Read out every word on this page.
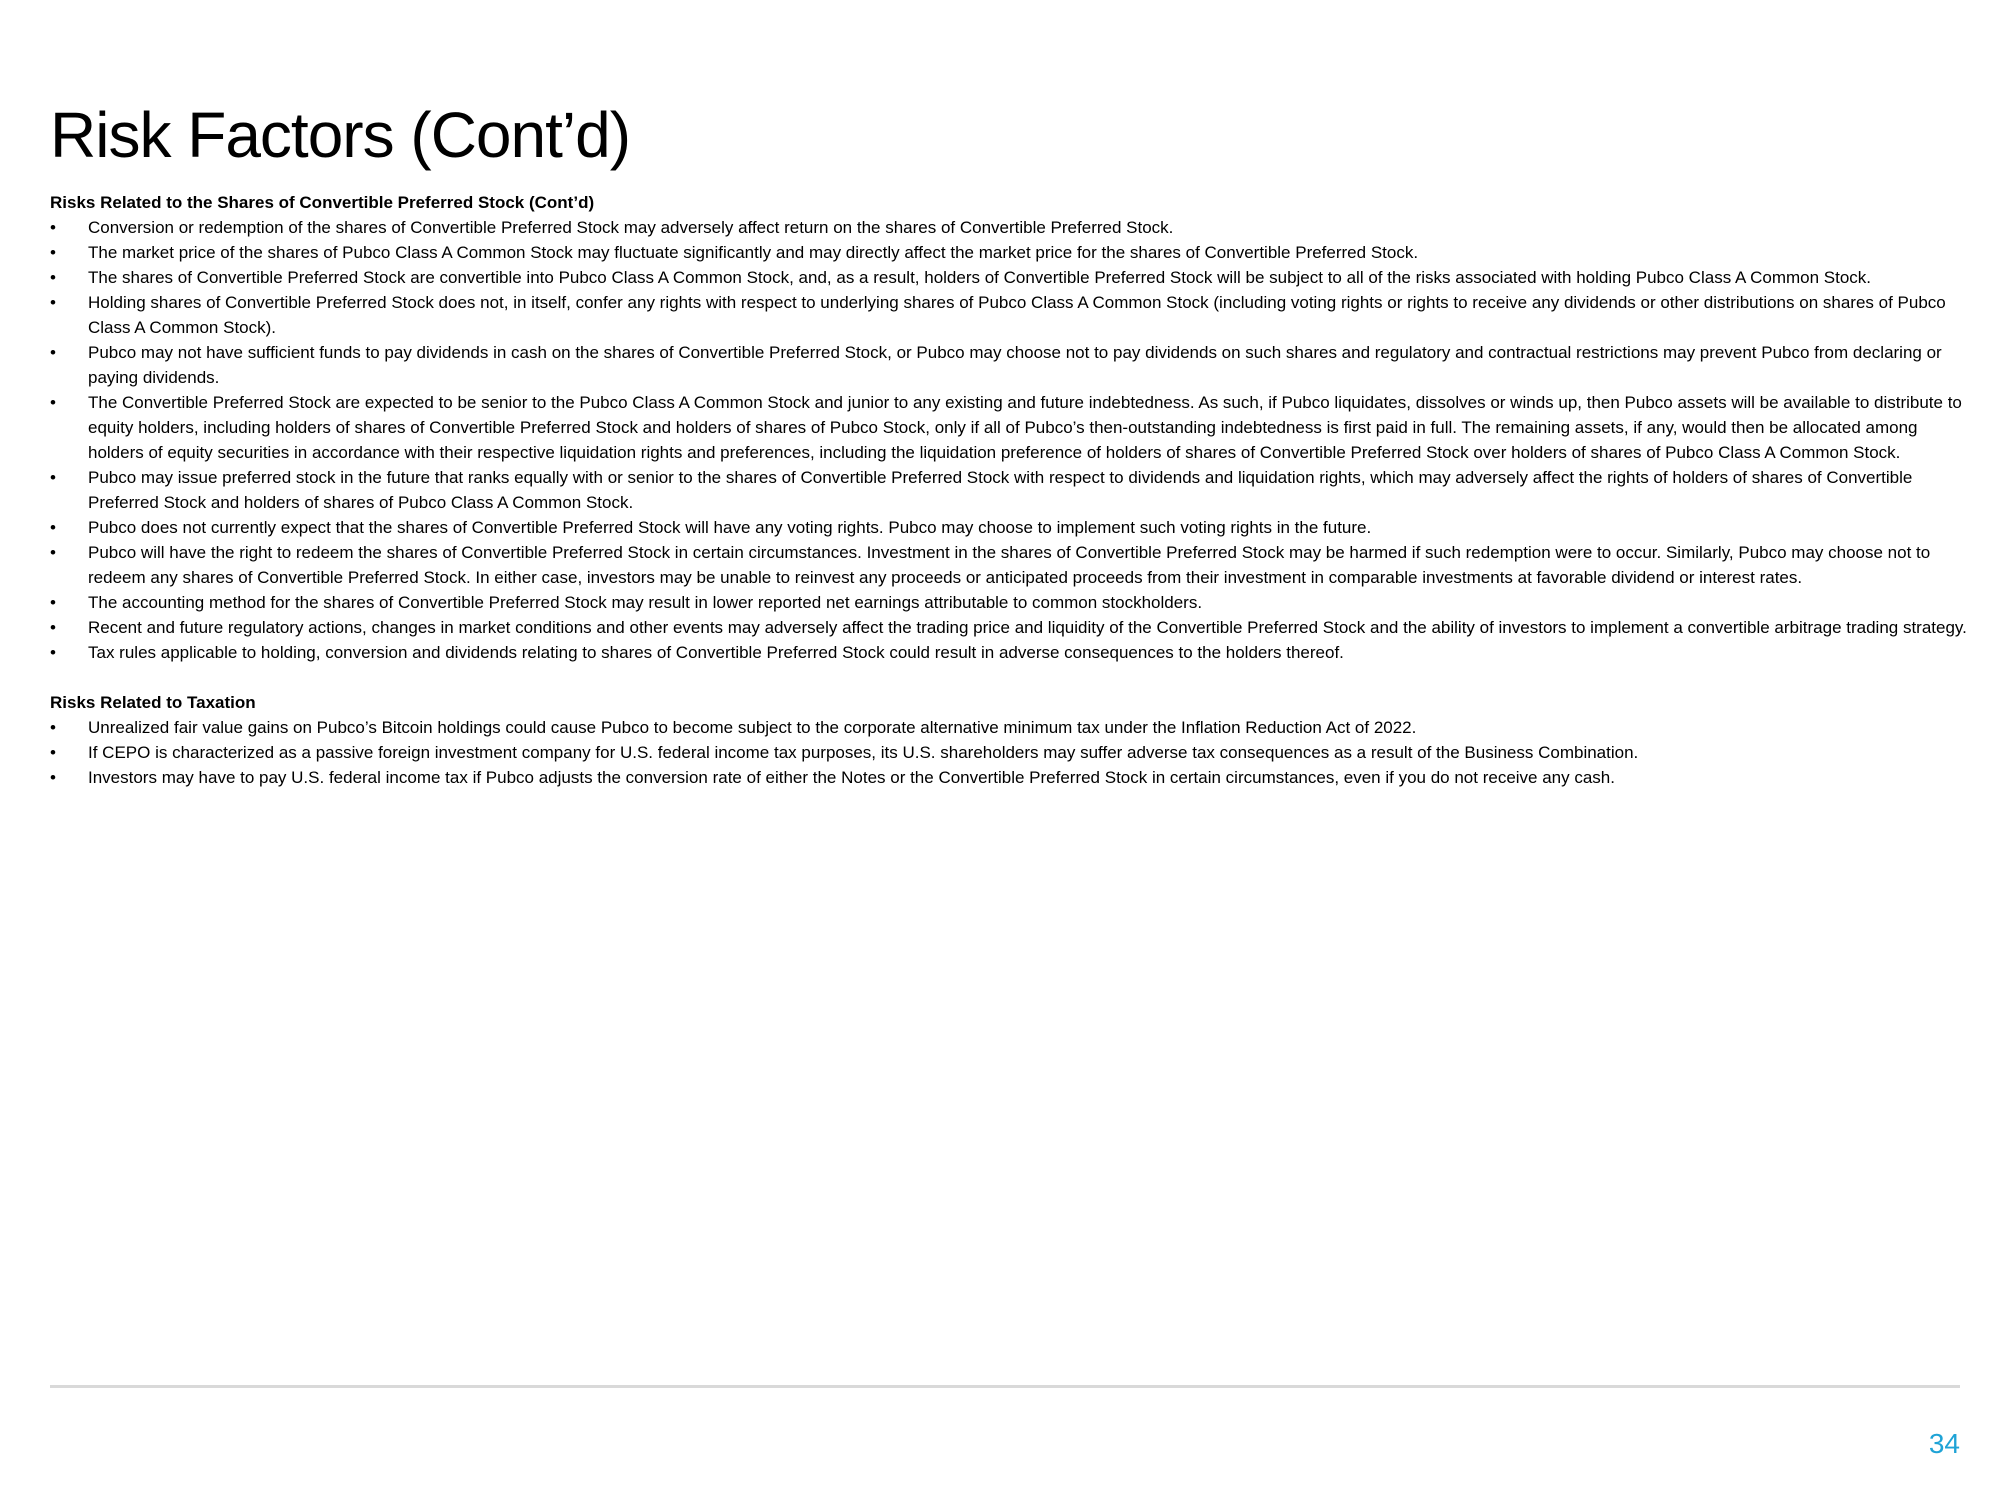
Risk Factors (Cont’d)
Risks Related to the Shares of Convertible Preferred Stock (Cont’d)
• Conversion or redemption of the shares of Convertible Preferred Stock may adversely affect return on the shares of Convertible Preferred Stock.
• The market price of the shares of Pubco Class A Common Stock may fluctuate significantly and may directly affect the market price for the shares of Convertible Preferred Stock.
• The shares of Convertible Preferred Stock are convertible into Pubco Class A Common Stock, and, as a result, holders of Convertible Preferred Stock will be subject to all of the risks associated with holding Pubco Class A Common Stock.
• Holding shares of Convertible Preferred Stock does not, in itself, confer any rights with respect to underlying shares of Pubco Class A Common Stock (including voting rights or rights to receive any dividends or other distributions on shares of Pubco Class A Common Stock).
• Pubco may not have sufficient funds to pay dividends in cash on the shares of Convertible Preferred Stock, or Pubco may choose not to pay dividends on such shares and regulatory and contractual restrictions may prevent Pubco from declaring or paying dividends.
• The Convertible Preferred Stock are expected to be senior to the Pubco Class A Common Stock and junior to any existing and future indebtedness. As such, if Pubco liquidates, dissolves or winds up, then Pubco assets will be available to distribute to equity holders, including holders of shares of Convertible Preferred Stock and holders of shares of Pubco Stock, only if all of Pubco’s then-outstanding indebtedness is first paid in full. The remaining assets, if any, would then be allocated among holders of equity securities in accordance with their respective liquidation rights and preferences, including the liquidation preference of holders of shares of Convertible Preferred Stock over holders of shares of Pubco Class A Common Stock.
• Pubco may issue preferred stock in the future that ranks equally with or senior to the shares of Convertible Preferred Stock with respect to dividends and liquidation rights, which may adversely affect the rights of holders of shares of Convertible Preferred Stock and holders of shares of Pubco Class A Common Stock.
• Pubco does not currently expect that the shares of Convertible Preferred Stock will have any voting rights. Pubco may choose to implement such voting rights in the future.
• Pubco will have the right to redeem the shares of Convertible Preferred Stock in certain circumstances. Investment in the shares of Convertible Preferred Stock may be harmed if such redemption were to occur. Similarly, Pubco may choose not to redeem any shares of Convertible Preferred Stock. In either case, investors may be unable to reinvest any proceeds or anticipated proceeds from their investment in comparable investments at favorable dividend or interest rates.
• The accounting method for the shares of Convertible Preferred Stock may result in lower reported net earnings attributable to common stockholders.
• Recent and future regulatory actions, changes in market conditions and other events may adversely affect the trading price and liquidity of the Convertible Preferred Stock and the ability of investors to implement a convertible arbitrage trading strategy.
• Tax rules applicable to holding, conversion and dividends relating to shares of Convertible Preferred Stock could result in adverse consequences to the holders thereof.
Risks Related to Taxation
• Unrealized fair value gains on Pubco’s Bitcoin holdings could cause Pubco to become subject to the corporate alternative minimum tax under the Inflation Reduction Act of 2022.
• If CEPO is characterized as a passive foreign investment company for U.S. federal income tax purposes, its U.S. shareholders may suffer adverse tax consequences as a result of the Business Combination.
• Investors may have to pay U.S. federal income tax if Pubco adjusts the conversion rate of either the Notes or the Convertible Preferred Stock in certain circumstances, even if you do not receive any cash.
34
